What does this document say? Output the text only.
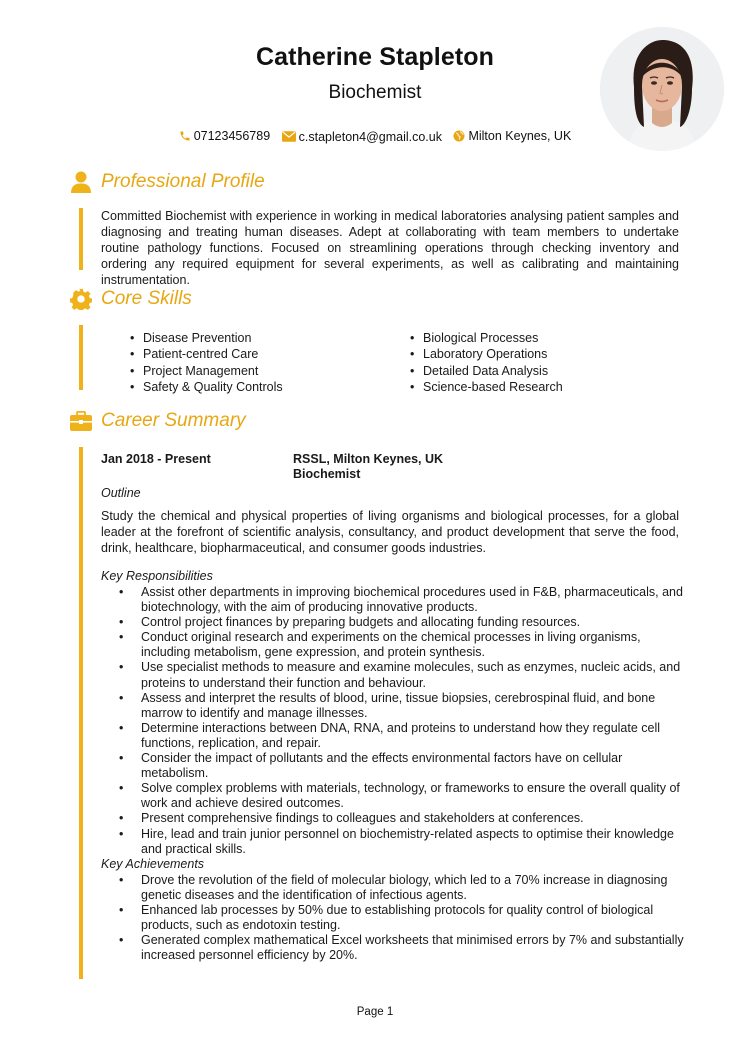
Catherine Stapleton
Biochemist
07123456789
c.stapleton4@gmail.co.uk
Milton Keynes, UK
Professional Profile
Committed Biochemist with experience in working in medical laboratories analysing patient samples and diagnosing and treating human diseases. Adept at collaborating with team members to undertake routine pathology functions. Focused on streamlining operations through checking inventory and ordering any required equipment for several experiments, as well as calibrating and maintaining instrumentation.
Core Skills
• Disease Prevention
• Patient-centred Care
• Project Management
• Safety & Quality Controls
• Biological Processes
• Laboratory Operations
• Detailed Data Analysis
• Science-based Research
Career Summary
Jan 2018 - Present	RSSL, Milton Keynes, UK
Biochemist
Outline
Study the chemical and physical properties of living organisms and biological processes, for a global leader at the forefront of scientific analysis, consultancy, and product development that serve the food, drink, healthcare, biopharmaceutical, and consumer goods industries.
Key Responsibilities
• Assist other departments in improving biochemical procedures used in F&B, pharmaceuticals, and biotechnology, with the aim of producing innovative products.
• Control project finances by preparing budgets and allocating funding resources.
• Conduct original research and experiments on the chemical processes in living organisms, including metabolism, gene expression, and protein synthesis.
• Use specialist methods to measure and examine molecules, such as enzymes, nucleic acids, and proteins to understand their function and behaviour.
• Assess and interpret the results of blood, urine, tissue biopsies, cerebrospinal fluid, and bone marrow to identify and manage illnesses.
• Determine interactions between DNA, RNA, and proteins to understand how they regulate cell functions, replication, and repair.
• Consider the impact of pollutants and the effects environmental factors have on cellular metabolism.
• Solve complex problems with materials, technology, or frameworks to ensure the overall quality of work and achieve desired outcomes.
• Present comprehensive findings to colleagues and stakeholders at conferences.
• Hire, lead and train junior personnel on biochemistry-related aspects to optimise their knowledge and practical skills.
Key Achievements
• Drove the revolution of the field of molecular biology, which led to a 70% increase in diagnosing genetic diseases and the identification of infectious agents.
• Enhanced lab processes by 50% due to establishing protocols for quality control of biological products, such as endotoxin testing.
• Generated complex mathematical Excel worksheets that minimised errors by 7% and substantially increased personnel efficiency by 20%.
Page 1
